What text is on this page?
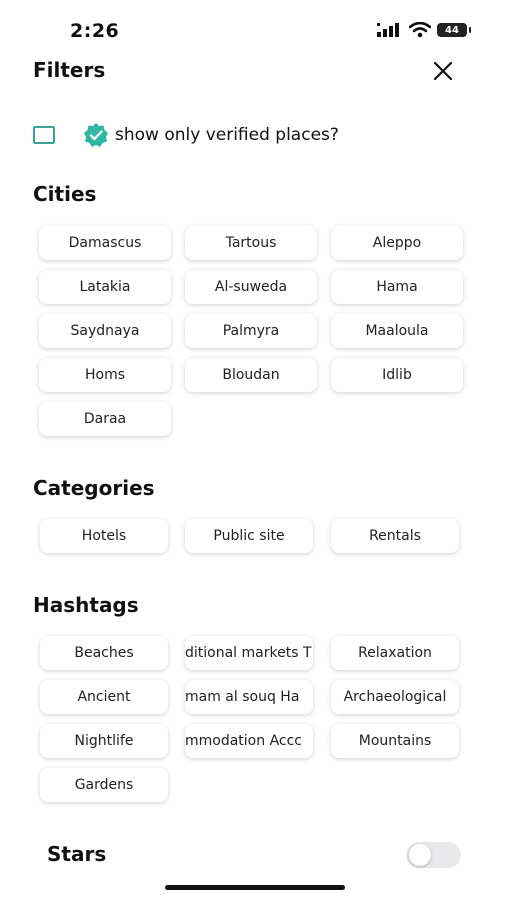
2:26	44
Filters
show only verified places?
Cities
Damascus	Tartous	Aleppo
Latakia	Al-suweda	Hama
Saydnaya	Palmyra	Maaloula
Homs	Bloudan	Idlib
Daraa
Categories
Hotels	Public site	Rentals
Hashtags
Beaches	ditional markets T	Relaxation
Ancient	mam al souq Ha	Archaeological
Nightlife	mmodation Accc	Mountains
Gardens
Stars
